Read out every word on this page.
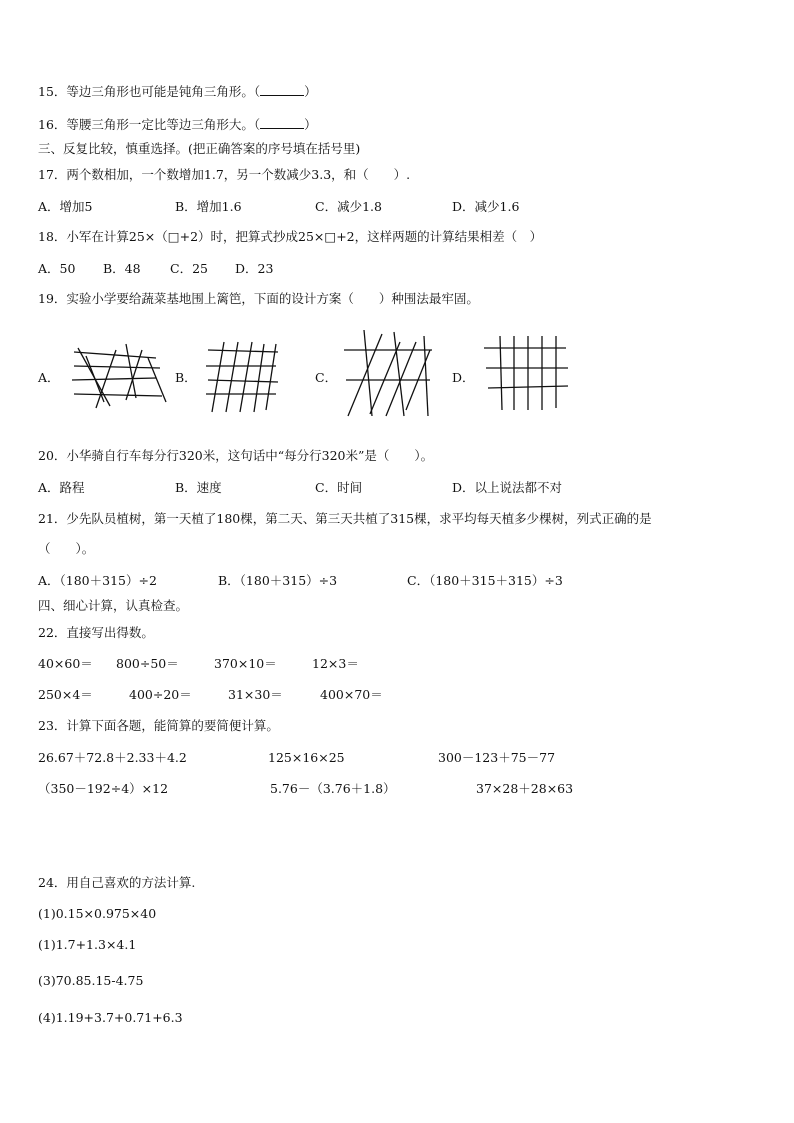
15．等边三角形也可能是钝角三角形。（	）
16．等腰三角形一定比等边三角形大。（	）
三、反复比较，慎重选择。(把正确答案的序号填在括号里)
17．两个数相加，一个数增加1.7，另一个数减少3.3，和（　　）.
A．增加5	B．增加1.6	C．减少1.8	D．减少1.6
18．小军在计算25×（□+2）时，把算式抄成25×□+2，这样两题的计算结果相差（　）
A．50 B．48 C．25 D．23
19．实验小学要给蔬菜基地围上篱笆，下面的设计方案（　　）种围法最牢固。
A．	B．	C．	D．
20．小华骑自行车每分行320米，这句话中“每分行320米”是（　　）。
A．路程	B．速度	C．时间	D．以上说法都不对
21．少先队员植树，第一天植了180棵，第二天、第三天共植了315棵，求平均每天植多少棵树，列式正确的是
（　　）。
A．（180＋315）÷2	B．（180＋315）÷3	C．（180＋315＋315）÷3
四、细心计算，认真检查。
22．直接写出得数。
40×60＝ 800÷50＝	370×10＝	12×3＝
250×4＝	400÷20＝	31×30＝	400×70＝
23．计算下面各题，能简算的要简便计算。
26.67＋72.8＋2.33＋4.2	125×16×25	300－123＋75－77
（350－192÷4）×12	5.76－（3.76＋1.8）	37×28＋28×63
24．用自己喜欢的方法计算.
(1)0.15×0.975×40
(1)1.7+1.3×4.1
(3)70.85.15-4.75
(4)1.19+3.7+0.71+6.3
